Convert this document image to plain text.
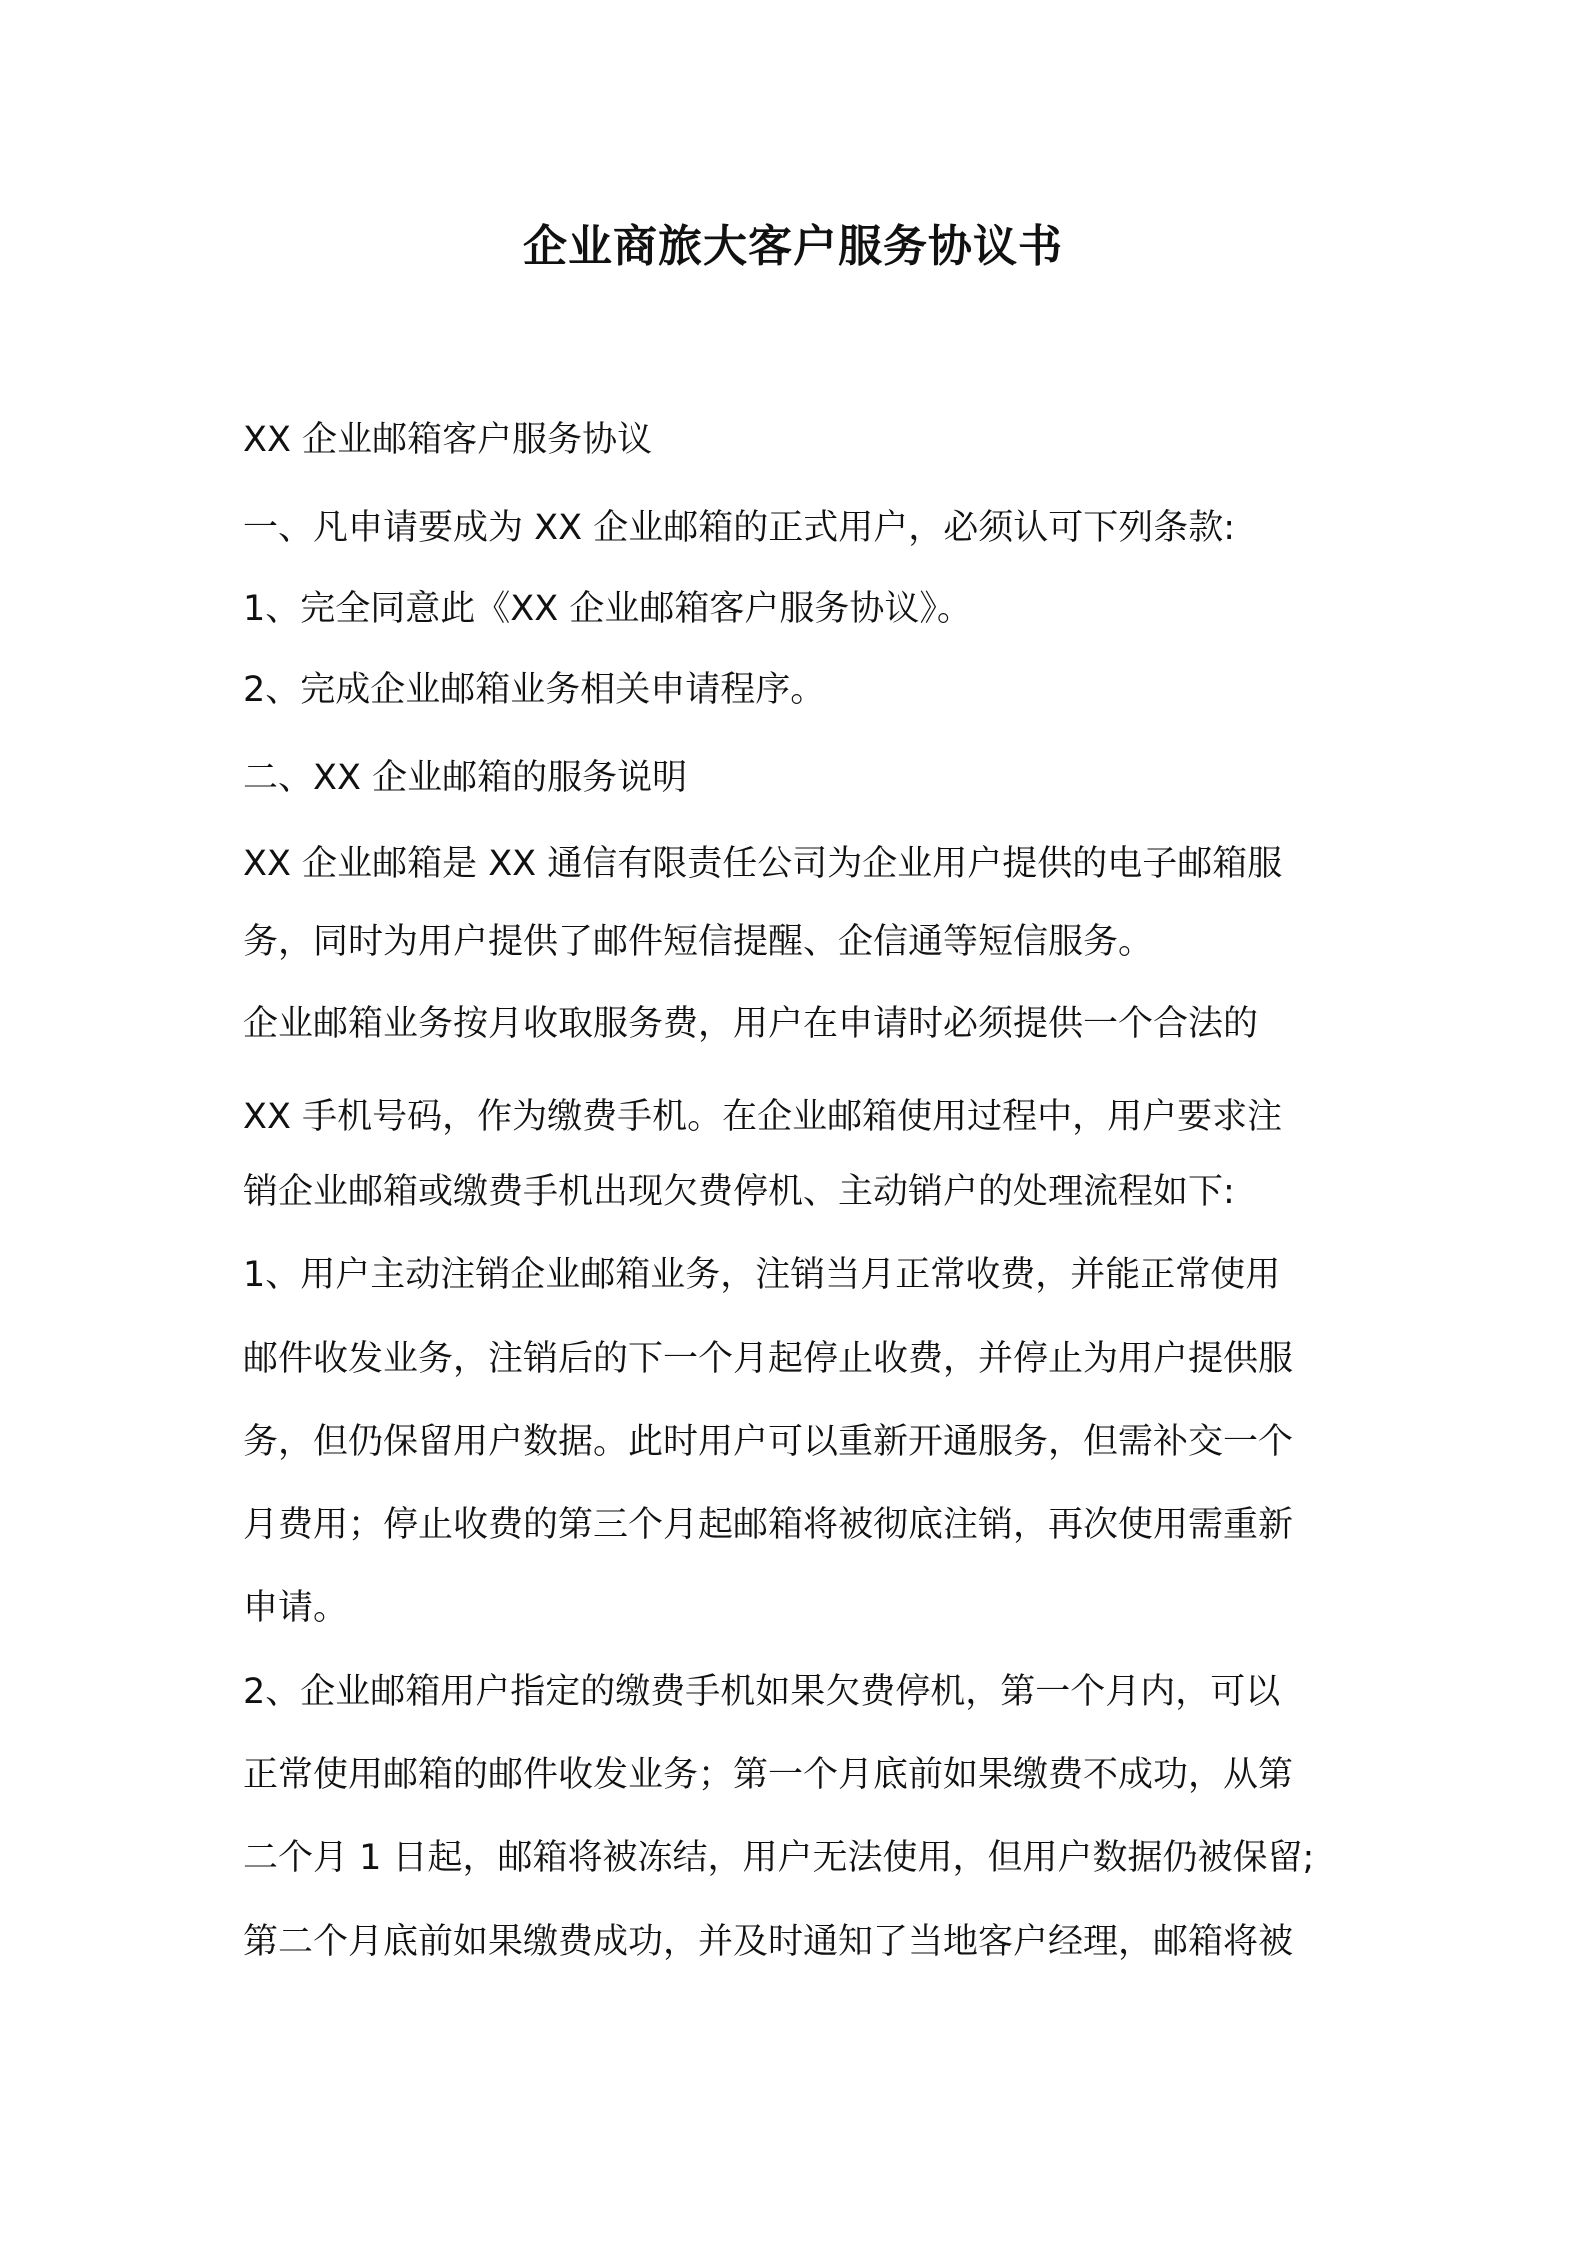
企业商旅大客户服务协议书

XX 企业邮箱客户服务协议

一、凡申请要成为 XX 企业邮箱的正式用户，必须认可下列条款:

1、完全同意此《XX 企业邮箱客户服务协议》。

2、完成企业邮箱业务相关申请程序。

二、XX 企业邮箱的服务说明

XX 企业邮箱是 XX 通信有限责任公司为企业用户提供的电子邮箱服

务，同时为用户提供了邮件短信提醒、企信通等短信服务。

企业邮箱业务按月收取服务费，用户在申请时必须提供一个合法的

XX 手机号码，作为缴费手机。在企业邮箱使用过程中，用户要求注

销企业邮箱或缴费手机出现欠费停机、主动销户的处理流程如下:

1、用户主动注销企业邮箱业务，注销当月正常收费，并能正常使用

邮件收发业务，注销后的下一个月起停止收费，并停止为用户提供服

务，但仍保留用户数据。此时用户可以重新开通服务，但需补交一个

月费用；停止收费的第三个月起邮箱将被彻底注销，再次使用需重新

申请。

2、企业邮箱用户指定的缴费手机如果欠费停机，第一个月内，可以

正常使用邮箱的邮件收发业务；第一个月底前如果缴费不成功，从第

二个月 1 日起，邮箱将被冻结，用户无法使用，但用户数据仍被保留;

第二个月底前如果缴费成功，并及时通知了当地客户经理，邮箱将被
